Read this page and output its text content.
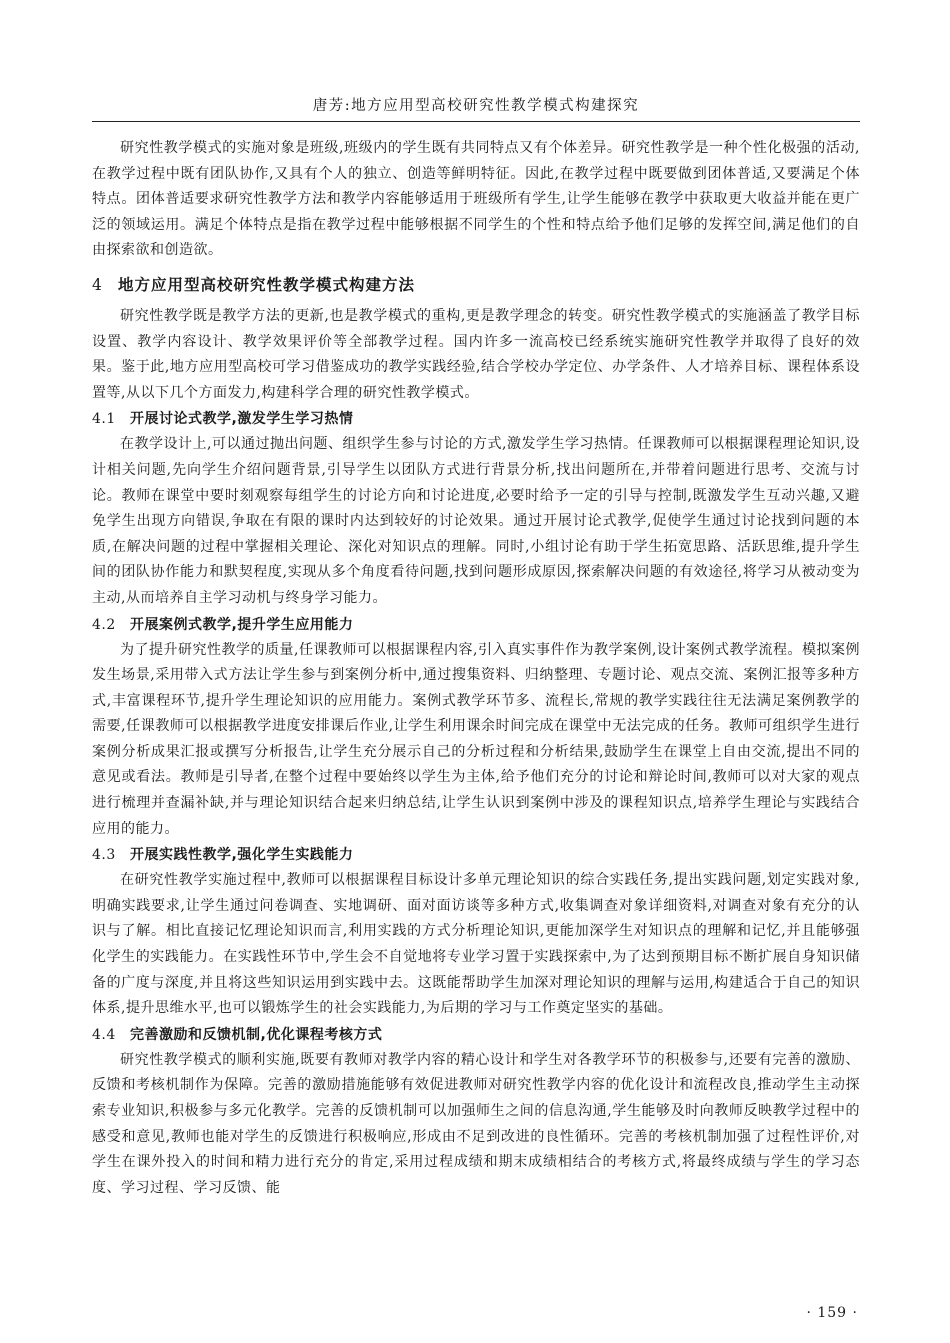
唐芳:地方应用型高校研究性教学模式构建探究

研究性教学模式的实施对象是班级,班级内的学生既有共同特点又有个体差异。研究性教学是一种个性化极强的活动,在教学过程中既有团队协作,又具有个人的独立、创造等鲜明特征。因此,在教学过程中既要做到团体普适,又要满足个体特点。团体普适要求研究性教学方法和教学内容能够适用于班级所有学生,让学生能够在教学中获取更大收益并能在更广泛的领域运用。满足个体特点是指在教学过程中能够根据不同学生的个性和特点给予他们足够的发挥空间,满足他们的自由探索欲和创造欲。

4 地方应用型高校研究性教学模式构建方法

研究性教学既是教学方法的更新,也是教学模式的重构,更是教学理念的转变。研究性教学模式的实施涵盖了教学目标设置、教学内容设计、教学效果评价等全部教学过程。国内许多一流高校已经系统实施研究性教学并取得了良好的效果。鉴于此,地方应用型高校可学习借鉴成功的教学实践经验,结合学校办学定位、办学条件、人才培养目标、课程体系设置等,从以下几个方面发力,构建科学合理的研究性教学模式。

4.1 开展讨论式教学,激发学生学习热情

在教学设计上,可以通过抛出问题、组织学生参与讨论的方式,激发学生学习热情。任课教师可以根据课程理论知识,设计相关问题,先向学生介绍问题背景,引导学生以团队方式进行背景分析,找出问题所在,并带着问题进行思考、交流与讨论。教师在课堂中要时刻观察每组学生的讨论方向和讨论进度,必要时给予一定的引导与控制,既激发学生互动兴趣,又避免学生出现方向错误,争取在有限的课时内达到较好的讨论效果。通过开展讨论式教学,促使学生通过讨论找到问题的本质,在解决问题的过程中掌握相关理论、深化对知识点的理解。同时,小组讨论有助于学生拓宽思路、活跃思维,提升学生间的团队协作能力和默契程度,实现从多个角度看待问题,找到问题形成原因,探索解决问题的有效途径,将学习从被动变为主动,从而培养自主学习动机与终身学习能力。

4.2 开展案例式教学,提升学生应用能力

为了提升研究性教学的质量,任课教师可以根据课程内容,引入真实事件作为教学案例,设计案例式教学流程。模拟案例发生场景,采用带入式方法让学生参与到案例分析中,通过搜集资料、归纳整理、专题讨论、观点交流、案例汇报等多种方式,丰富课程环节,提升学生理论知识的应用能力。案例式教学环节多、流程长,常规的教学实践往往无法满足案例教学的需要,任课教师可以根据教学进度安排课后作业,让学生利用课余时间完成在课堂中无法完成的任务。教师可组织学生进行案例分析成果汇报或撰写分析报告,让学生充分展示自己的分析过程和分析结果,鼓励学生在课堂上自由交流,提出不同的意见或看法。教师是引导者,在整个过程中要始终以学生为主体,给予他们充分的讨论和辩论时间,教师可以对大家的观点进行梳理并查漏补缺,并与理论知识结合起来归纳总结,让学生认识到案例中涉及的课程知识点,培养学生理论与实践结合应用的能力。

4.3 开展实践性教学,强化学生实践能力

在研究性教学实施过程中,教师可以根据课程目标设计多单元理论知识的综合实践任务,提出实践问题,划定实践对象,明确实践要求,让学生通过问卷调查、实地调研、面对面访谈等多种方式,收集调查对象详细资料,对调查对象有充分的认识与了解。相比直接记忆理论知识而言,利用实践的方式分析理论知识,更能加深学生对知识点的理解和记忆,并且能够强化学生的实践能力。在实践性环节中,学生会不自觉地将专业学习置于实践探索中,为了达到预期目标不断扩展自身知识储备的广度与深度,并且将这些知识运用到实践中去。这既能帮助学生加深对理论知识的理解与运用,构建适合于自己的知识体系,提升思维水平,也可以锻炼学生的社会实践能力,为后期的学习与工作奠定坚实的基础。

4.4 完善激励和反馈机制,优化课程考核方式

研究性教学模式的顺利实施,既要有教师对教学内容的精心设计和学生对各教学环节的积极参与,还要有完善的激励、反馈和考核机制作为保障。完善的激励措施能够有效促进教师对研究性教学内容的优化设计和流程改良,推动学生主动探索专业知识,积极参与多元化教学。完善的反馈机制可以加强师生之间的信息沟通,学生能够及时向教师反映教学过程中的感受和意见,教师也能对学生的反馈进行积极响应,形成由不足到改进的良性循环。完善的考核机制加强了过程性评价,对学生在课外投入的时间和精力进行充分的肯定,采用过程成绩和期末成绩相结合的考核方式,将最终成绩与学生的学习态度、学习过程、学习反馈、能

· 159 ·
